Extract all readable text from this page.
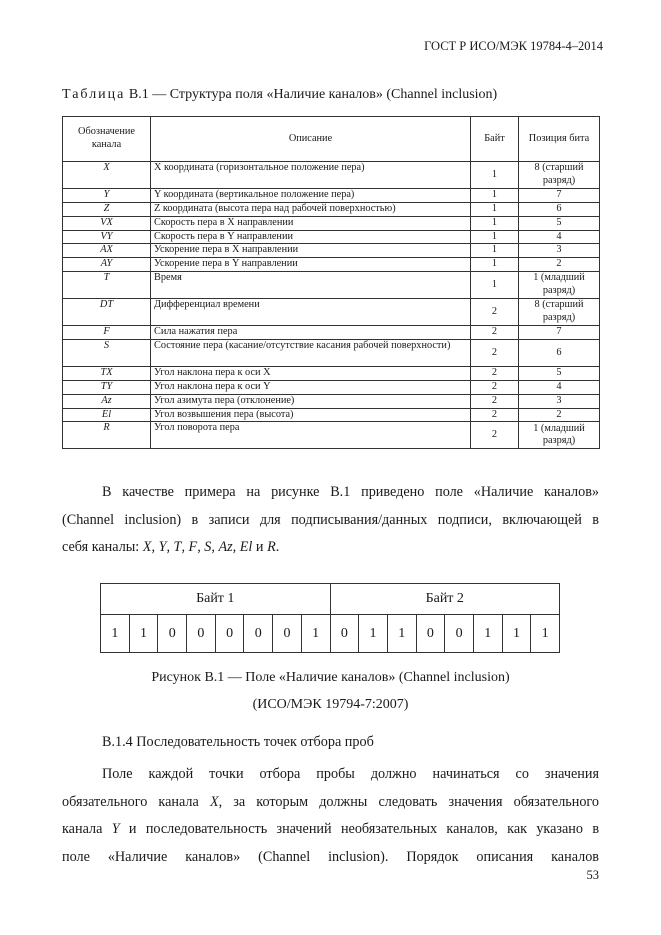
ГОСТ Р ИСО/МЭК 19784-4–2014
Таблица В.1 — Структура поля «Наличие каналов» (Channel inclusion)
Обозначение канала	Описание	Байт	Позиция бита
X	Х координата (горизонтальное положение пера)	1	8 (старший разряд)
Y	Y координата (вертикальное положение пера)	1	7
Z	Z координата (высота пера над рабочей поверхностью)	1	6
VX	Скорость пера в X направлении	1	5
VY	Скорость пера в Y направлении	1	4
AX	Ускорение пера в X направлении	1	3
AY	Ускорение пера в Y направлении	1	2
T	Время	1	1 (младший разряд)
DT	Дифференциал времени	2	8 (старший разряд)
F	Сила нажатия пера	2	7
S	Состояние пера (касание/отсутствие касания рабочей поверхности)	2	6
TX	Угол наклона пера к оси X	2	5
TY	Угол наклона пера к оси Y	2	4
Az	Угол азимута пера (отклонение)	2	3
El	Угол возвышения пера (высота)	2	2
R	Угол поворота пера	2	1 (младший разряд)
В качестве примера на рисунке В.1 приведено поле «Наличие каналов»
(Channel inclusion) в записи для подписывания/данных подписи, включающей в
себя каналы: X, Y, T, F, S, Az, El и R.
Байт 1								Байт 2							
1	1	0	0	0	0	0	1	0	1	1	0	0	1	1	1
Рисунок В.1 — Поле «Наличие каналов» (Channel inclusion)
(ИСО/МЭК 19794-7:2007)
В.1.4 Последовательность точек отбора проб
Поле каждой точки отбора пробы должно начинаться со значения
обязательного канала X, за которым должны следовать значения обязательного
канала Y и последовательность значений необязательных каналов, как указано в
поле «Наличие каналов» (Channel inclusion). Порядок описания каналов
53
